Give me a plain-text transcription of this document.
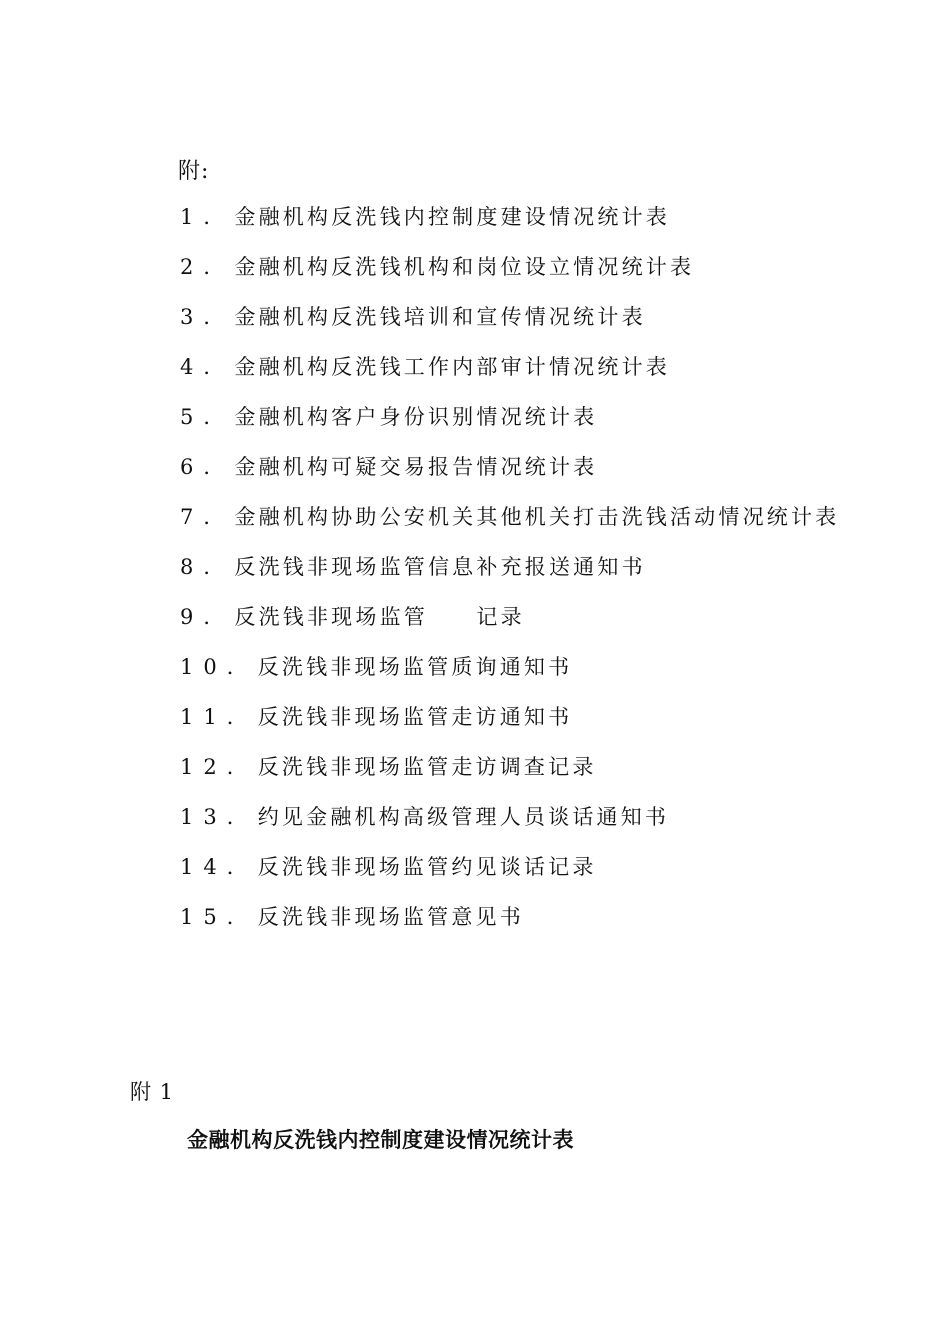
附:
1．金融机构反洗钱内控制度建设情况统计表
2．金融机构反洗钱机构和岗位设立情况统计表
3．金融机构反洗钱培训和宣传情况统计表
4．金融机构反洗钱工作内部审计情况统计表
5．金融机构客户身份识别情况统计表
6．金融机构可疑交易报告情况统计表
7．金融机构协助公安机关其他机关打击洗钱活动情况统计表
8．反洗钱非现场监管信息补充报送通知书
9．反洗钱非现场监管　　记录
10．反洗钱非现场监管质询通知书
11．反洗钱非现场监管走访通知书
12．反洗钱非现场监管走访调查记录
13．约见金融机构高级管理人员谈话通知书
14．反洗钱非现场监管约见谈话记录
15．反洗钱非现场监管意见书
附 1
金融机构反洗钱内控制度建设情况统计表
